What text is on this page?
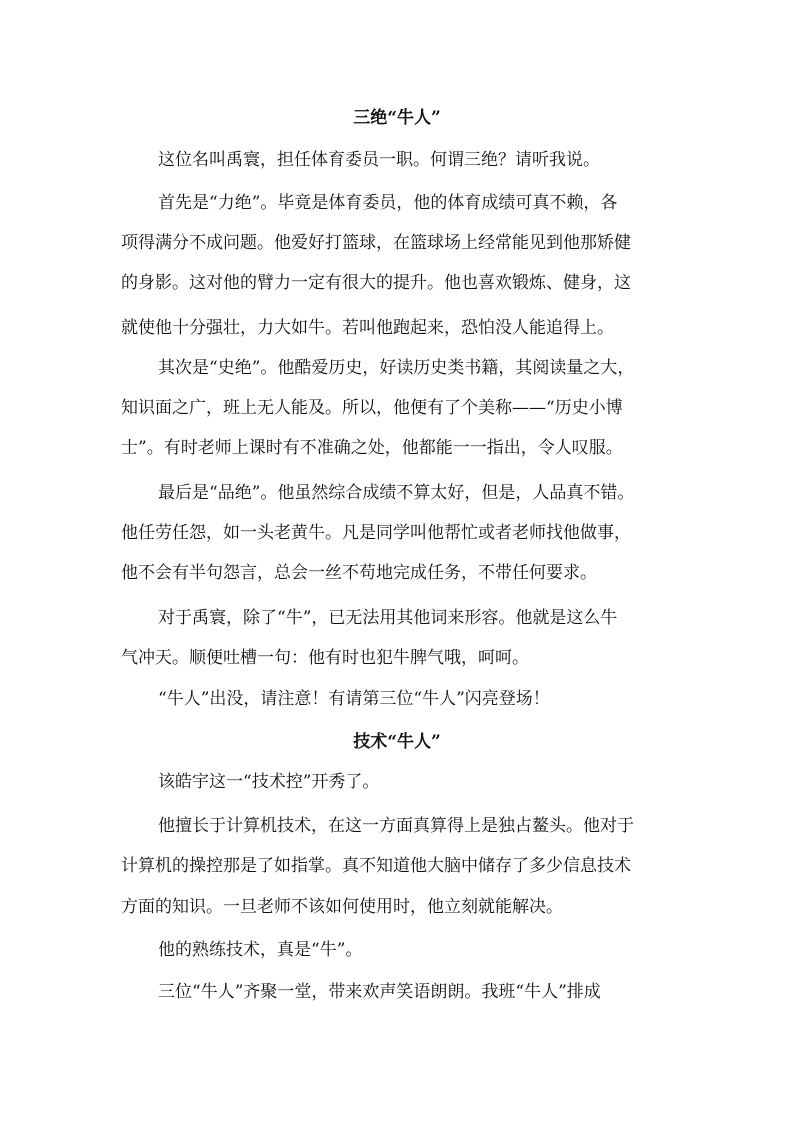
三绝“牛人”
这位名叫禹寰，担任体育委员一职。何谓三绝？请听我说。
首先是“力绝”。毕竟是体育委员，他的体育成绩可真不赖，各
项得满分不成问题。他爱好打篮球，在篮球场上经常能见到他那矫健
的身影。这对他的臂力一定有很大的提升。他也喜欢锻炼、健身，这
就使他十分强壮，力大如牛。若叫他跑起来，恐怕没人能追得上。
其次是“史绝”。他酷爱历史，好读历史类书籍，其阅读量之大，
知识面之广，班上无人能及。所以，他便有了个美称——“历史小博
士”。有时老师上课时有不准确之处，他都能一一指出，令人叹服。
最后是“品绝”。他虽然综合成绩不算太好，但是，人品真不错。
他任劳任怨，如一头老黄牛。凡是同学叫他帮忙或者老师找他做事，
他不会有半句怨言，总会一丝不苟地完成任务，不带任何要求。
对于禹寰，除了“牛”，已无法用其他词来形容。他就是这么牛
气冲天。顺便吐槽一句：他有时也犯牛脾气哦，呵呵。
“牛人”出没，请注意！有请第三位“牛人”闪亮登场！
技术“牛人”
该皓宇这一“技术控”开秀了。
他擅长于计算机技术，在这一方面真算得上是独占鳌头。他对于
计算机的操控那是了如指掌。真不知道他大脑中储存了多少信息技术
方面的知识。一旦老师不该如何使用时，他立刻就能解决。
他的熟练技术，真是“牛”。
三位“牛人”齐聚一堂，带来欢声笑语朗朗。我班“牛人”排成
